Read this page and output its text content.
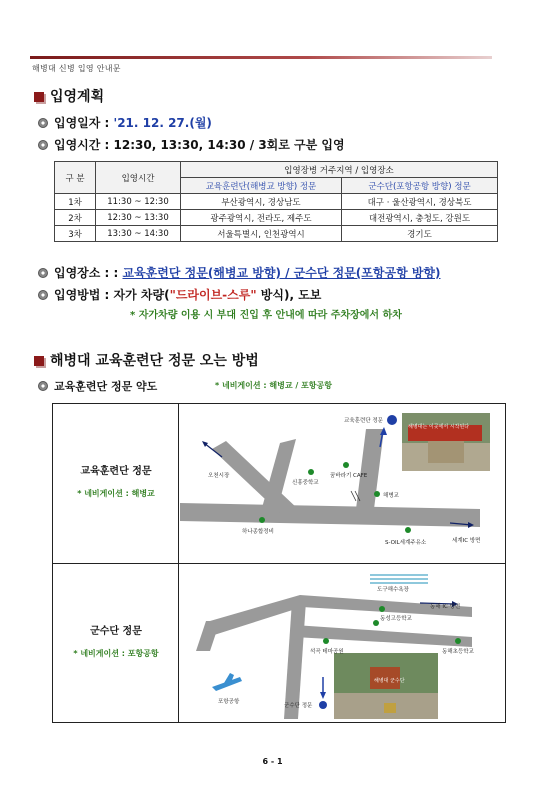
해병대 신병 입영 안내문
입영계획
입영일자 : '21. 12. 27.(월)
입영시간 : 12:30, 13:30, 14:30 / 3회로 구분 입영
구 분	입영시간	입영장병 거주지역 / 입영장소	
		교육훈련단(해병교 방향) 정문	군수단(포항공항 방향) 정문
1차	11:30 ~ 12:30	부산광역시, 경상남도	대구 · 울산광역시, 경상북도
2차	12:30 ~ 13:30	광주광역시, 전라도, 제주도	대전광역시, 충청도, 강원도
3차	13:30 ~ 14:30	서울특별시, 인천광역시	경기도
입영장소 : : 교육훈련단 정문(해병교 방향) / 군수단 정문(포항공항 방향)
입영방법 : 자가 차량("드라이브-스루" 방식), 도보
* 자가차량 이용 시 부대 진입 후 안내에 따라 주차장에서 하차
해병대 교육훈련단 정문 오는 방법
교육훈련단 정문 약도	* 네비게이션 : 해병교 / 포항공항
교육훈련단 정문
* 네비게이션 : 해병교
군수단 정문
* 네비게이션 : 포항공항
해병대는 이곳에서 시작된다
교육훈련단 정문
오천시장
신흥중학교
꿈바라기 CAFE
해병교
하나종합정비
세계IC 방면
S-OIL세계주유소
해병대 군수단
도구해수욕장
동해 IC 방면
동성고등학교
석곡 테마공원	동해초등학교
포항공항
군수단 정문
6 - 1
